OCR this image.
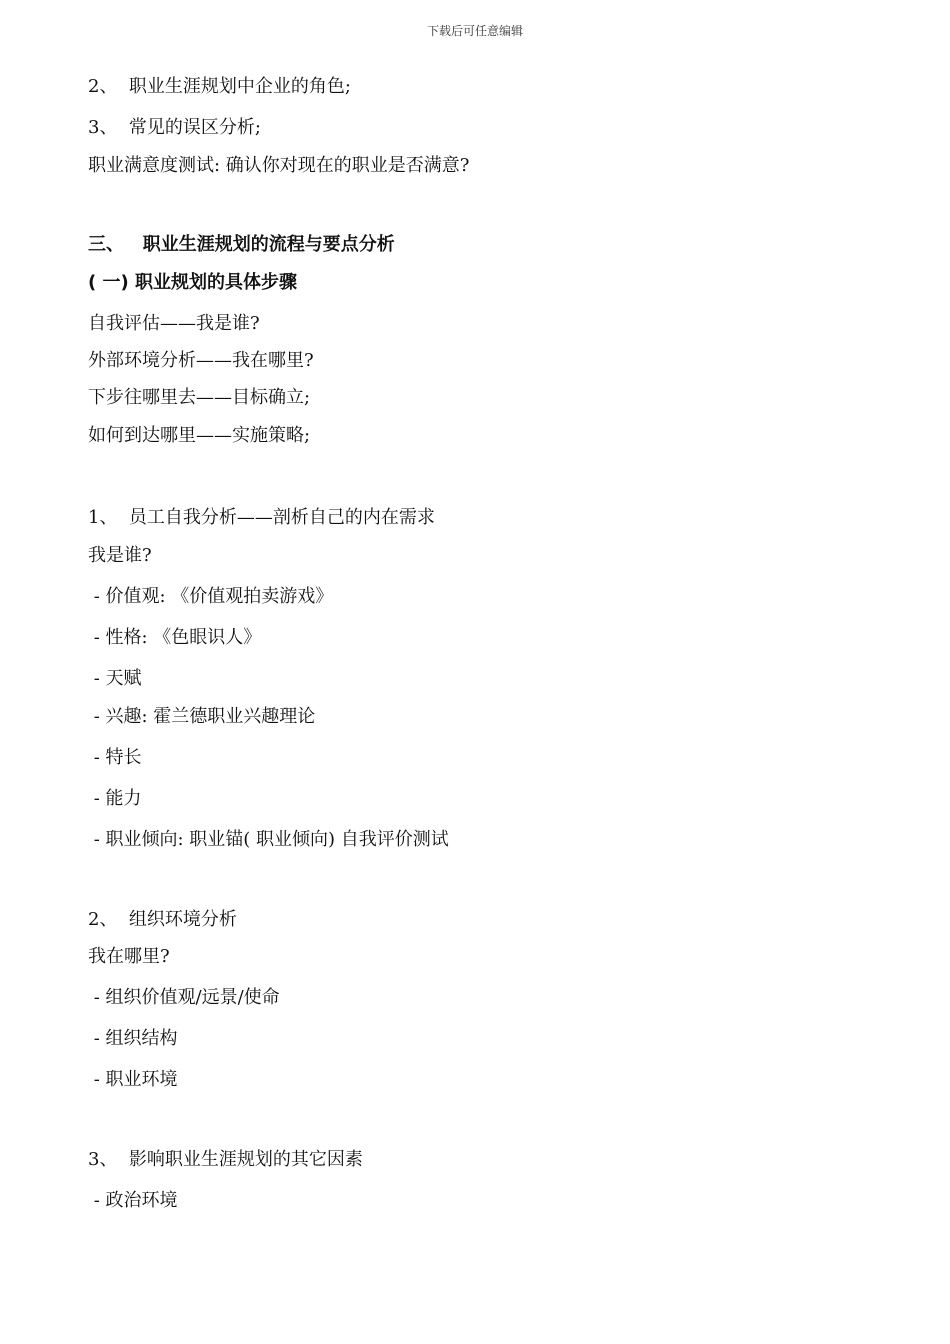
下载后可任意编辑
2、  职业生涯规划中企业的角色;
3、  常见的误区分析;
职业满意度测试: 确认你对现在的职业是否满意?
三、   职业生涯规划的流程与要点分析
( 一) 职业规划的具体步骤
自我评估——我是谁?
外部环境分析——我在哪里?
下步往哪里去——目标确立;
如何到达哪里——实施策略;
1、  员工自我分析——剖析自己的内在需求
我是谁?
- 价值观: 《价值观拍卖游戏》
- 性格: 《色眼识人》
- 天赋
- 兴趣: 霍兰德职业兴趣理论
- 特长
- 能力
- 职业倾向: 职业锚( 职业倾向) 自我评价测试
2、  组织环境分析
我在哪里?
- 组织价值观/远景/使命
- 组织结构
- 职业环境
3、  影响职业生涯规划的其它因素
- 政治环境
